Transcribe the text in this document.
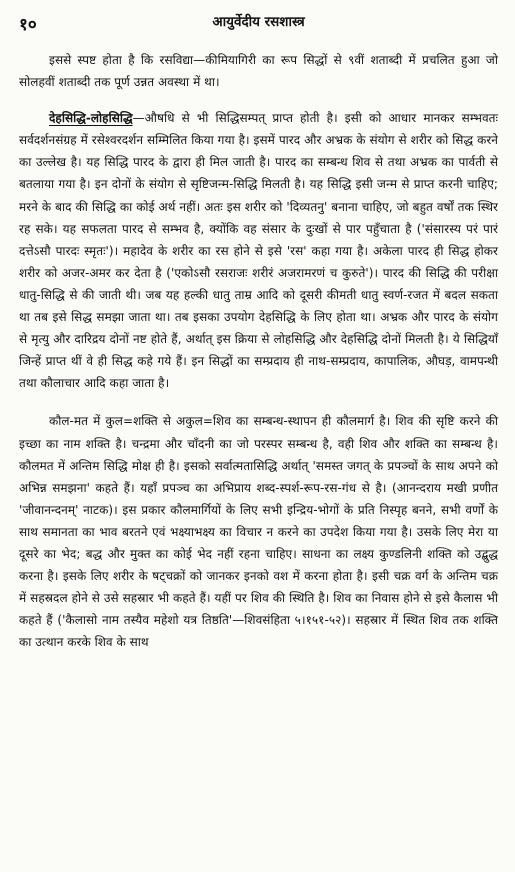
१०	आयुर्वेदीय रसशास्त्र

इससे स्पष्ट होता है कि रसविद्या—कीमियागिरी का रूप सिद्धों से ९वीं शताब्दी में प्रचलित हुआ जो सोलहवीं शताब्दी तक पूर्ण उन्नत अवस्था में था।

देहसिद्धि-लोहसिद्धि—औषधि से भी सिद्धिसम्पत् प्राप्त होती है। इसी को आधार मानकर सम्भवतः सर्वदर्शनसंग्रह में रसेश्वरदर्शन सम्मिलित किया गया है। इसमें पारद और अभ्रक के संयोग से शरीर को सिद्ध करने का उल्लेख है। यह सिद्धि पारद के द्वारा ही मिल जाती है। पारद का सम्बन्ध शिव से तथा अभ्रक का पार्वती से बतलाया गया है। इन दोनों के संयोग से सृष्टिजन्म-सिद्धि मिलती है। यह सिद्धि इसी जन्म से प्राप्त करनी चाहिए; मरने के बाद की सिद्धि का कोई अर्थ नहीं। अतः इस शरीर को 'दिव्यतनु' बनाना चाहिए, जो बहुत वर्षों तक स्थिर रह सके। यह सफलता पारद से सम्भव है, क्योंकि वह संसार के दुःखों से पार पहुँचाता है ('संसारस्य परं पारं दत्तेऽसौ पारदः स्मृतः')। महादेव के शरीर का रस होने से इसे 'रस' कहा गया है। अकेला पारद ही सिद्ध होकर शरीर को अजर-अमर कर देता है ('एकोऽसौ रसराजः शरीरं अजरामरणं च कुरुते')। पारद की सिद्धि की परीक्षा धातु-सिद्धि से की जाती थी। जब यह हल्की धातु ताम्र आदि को दूसरी कीमती धातु स्वर्ण-रजत में बदल सकता था तब इसे सिद्ध समझा जाता था। तब इसका उपयोग देहसिद्धि के लिए होता था। अभ्रक और पारद के संयोग से मृत्यु और दारिद्रय दोनों नष्ट होते हैं, अर्थात् इस क्रिया से लोहसिद्धि और देहसिद्धि दोनों मिलती है। ये सिद्धियाँ जिन्हें प्राप्त थीं वे ही सिद्ध कहे गये हैं। इन सिद्धों का सम्प्रदाय ही नाथ-सम्प्रदाय, कापालिक, औघड़, वामपन्थी तथा कौलाचार आदि कहा जाता है।

कौल-मत में कुल=शक्ति से अकुल=शिव का सम्बन्ध-स्थापन ही कौलमार्ग है। शिव की सृष्टि करने की इच्छा का नाम शक्ति है। चन्द्रमा और चाँदनी का जो परस्पर सम्बन्ध है, वही शिव और शक्ति का सम्बन्ध है। कौलमत में अन्तिम सिद्धि मोक्ष ही है। इसको सर्वात्मतासिद्धि अर्थात् 'समस्त जगत् के प्रपञ्चों के साथ अपने को अभिन्न समझना' कहते हैं। यहाँ प्रपञ्च का अभिप्राय शब्द-स्पर्श-रूप-रस-गंध से है। (आनन्दराय मखी प्रणीत 'जीवानन्दनम्' नाटक)। इस प्रकार कौलमार्गियों के लिए सभी इन्द्रिय-भोगों के प्रति निस्पृह बनने, सभी वर्णों के साथ समानता का भाव बरतने एवं भक्ष्याभक्ष्य का विचार न करने का उपदेश किया गया है। उसके लिए मेरा या दूसरे का भेद; बद्ध और मुक्त का कोई भेद नहीं रहना चाहिए। साधना का लक्ष्य कुण्डलिनी शक्ति को उद्बुद्ध करना है। इसके लिए शरीर के षट्चक्रों को जानकर इनको वश में करना होता है। इसी चक्र वर्ग के अन्तिम चक्र में सहस्रदल होने से उसे सहस्रार भी कहते हैं। यहीं पर शिव की स्थिति है। शिव का निवास होने से इसे कैलास भी कहते हैं ('कैलासो नाम तस्यैव महेशो यत्र तिष्ठति'—शिवसंहिता ५।१५१-५२)। सहस्रार में स्थित शिव तक शक्ति का उत्थान करके शिव के साथ
